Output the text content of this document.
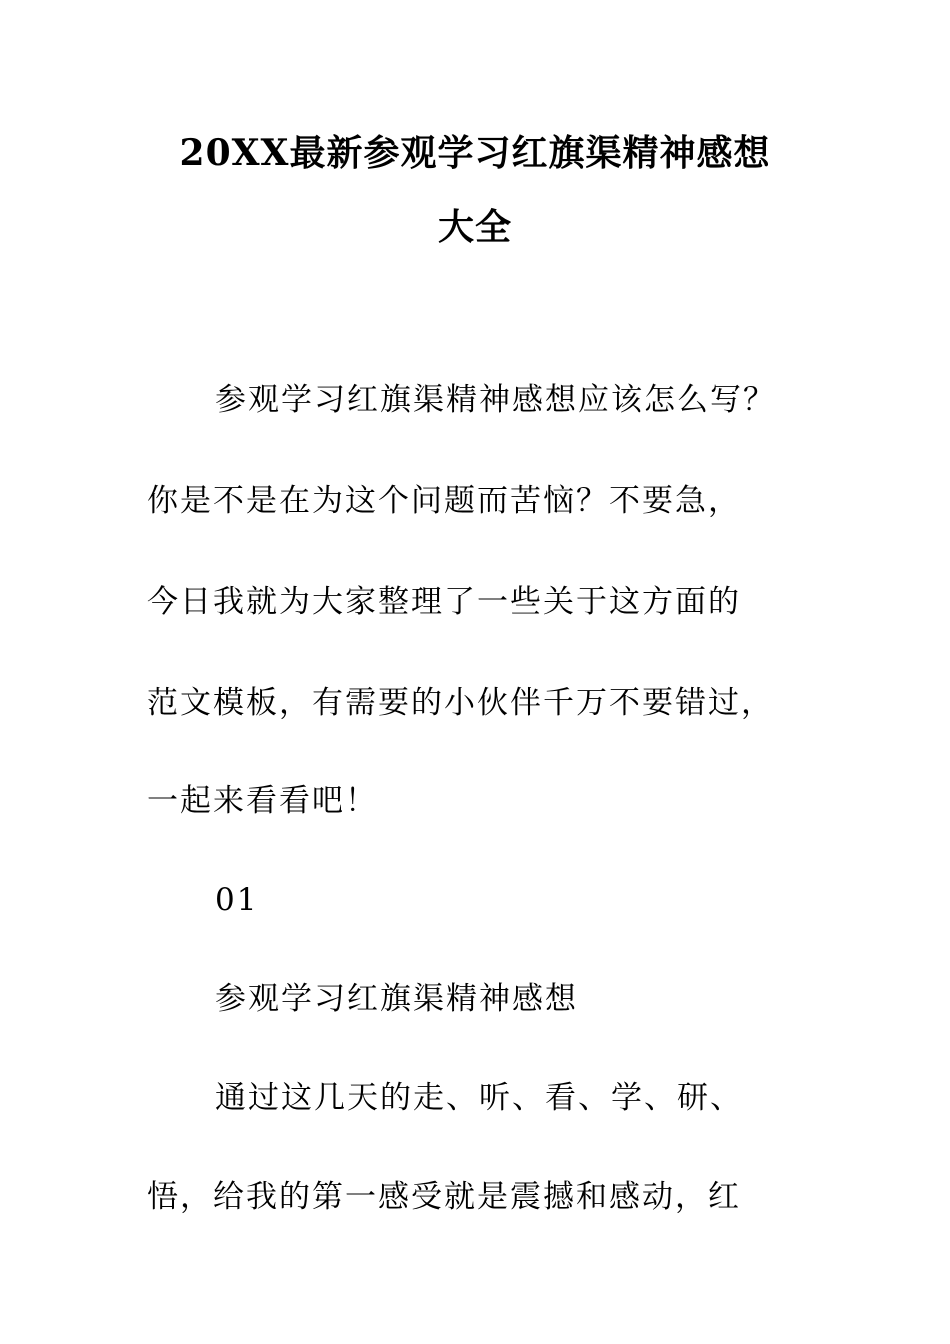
20XX最新参观学习红旗渠精神感想
大全
参观学习红旗渠精神感想应该怎么写？
你是不是在为这个问题而苦恼？不要急，
今日我就为大家整理了一些关于这方面的
范文模板，有需要的小伙伴千万不要错过，
一起来看看吧！
01
参观学习红旗渠精神感想
通过这几天的走、听、看、学、研、
悟，给我的第一感受就是震撼和感动，红
